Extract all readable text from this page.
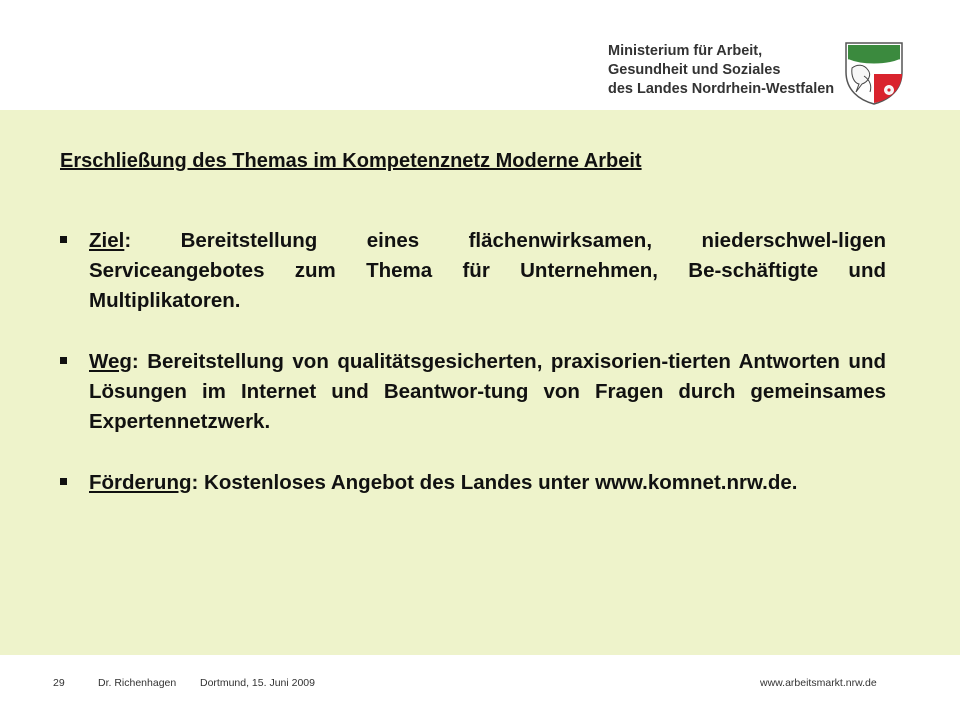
Ministerium für Arbeit,
Gesundheit und Soziales
des Landes Nordrhein-Westfalen
Erschließung des Themas im Kompetenznetz Moderne Arbeit
Ziel: Bereitstellung eines flächenwirksamen, niederschwel-ligen Serviceangebotes zum Thema für Unternehmen, Be-schäftigte und Multiplikatoren.
Weg: Bereitstellung von qualitätsgesicherten, praxisorien-tierten Antworten und Lösungen im Internet und Beantwor-tung von Fragen durch gemeinsames Expertennetzwerk.
Förderung: Kostenloses Angebot des Landes unter www.komnet.nrw.de.
29	Dr. Richenhagen Dortmund, 15. Juni 2009	www.arbeitsmarkt.nrw.de
